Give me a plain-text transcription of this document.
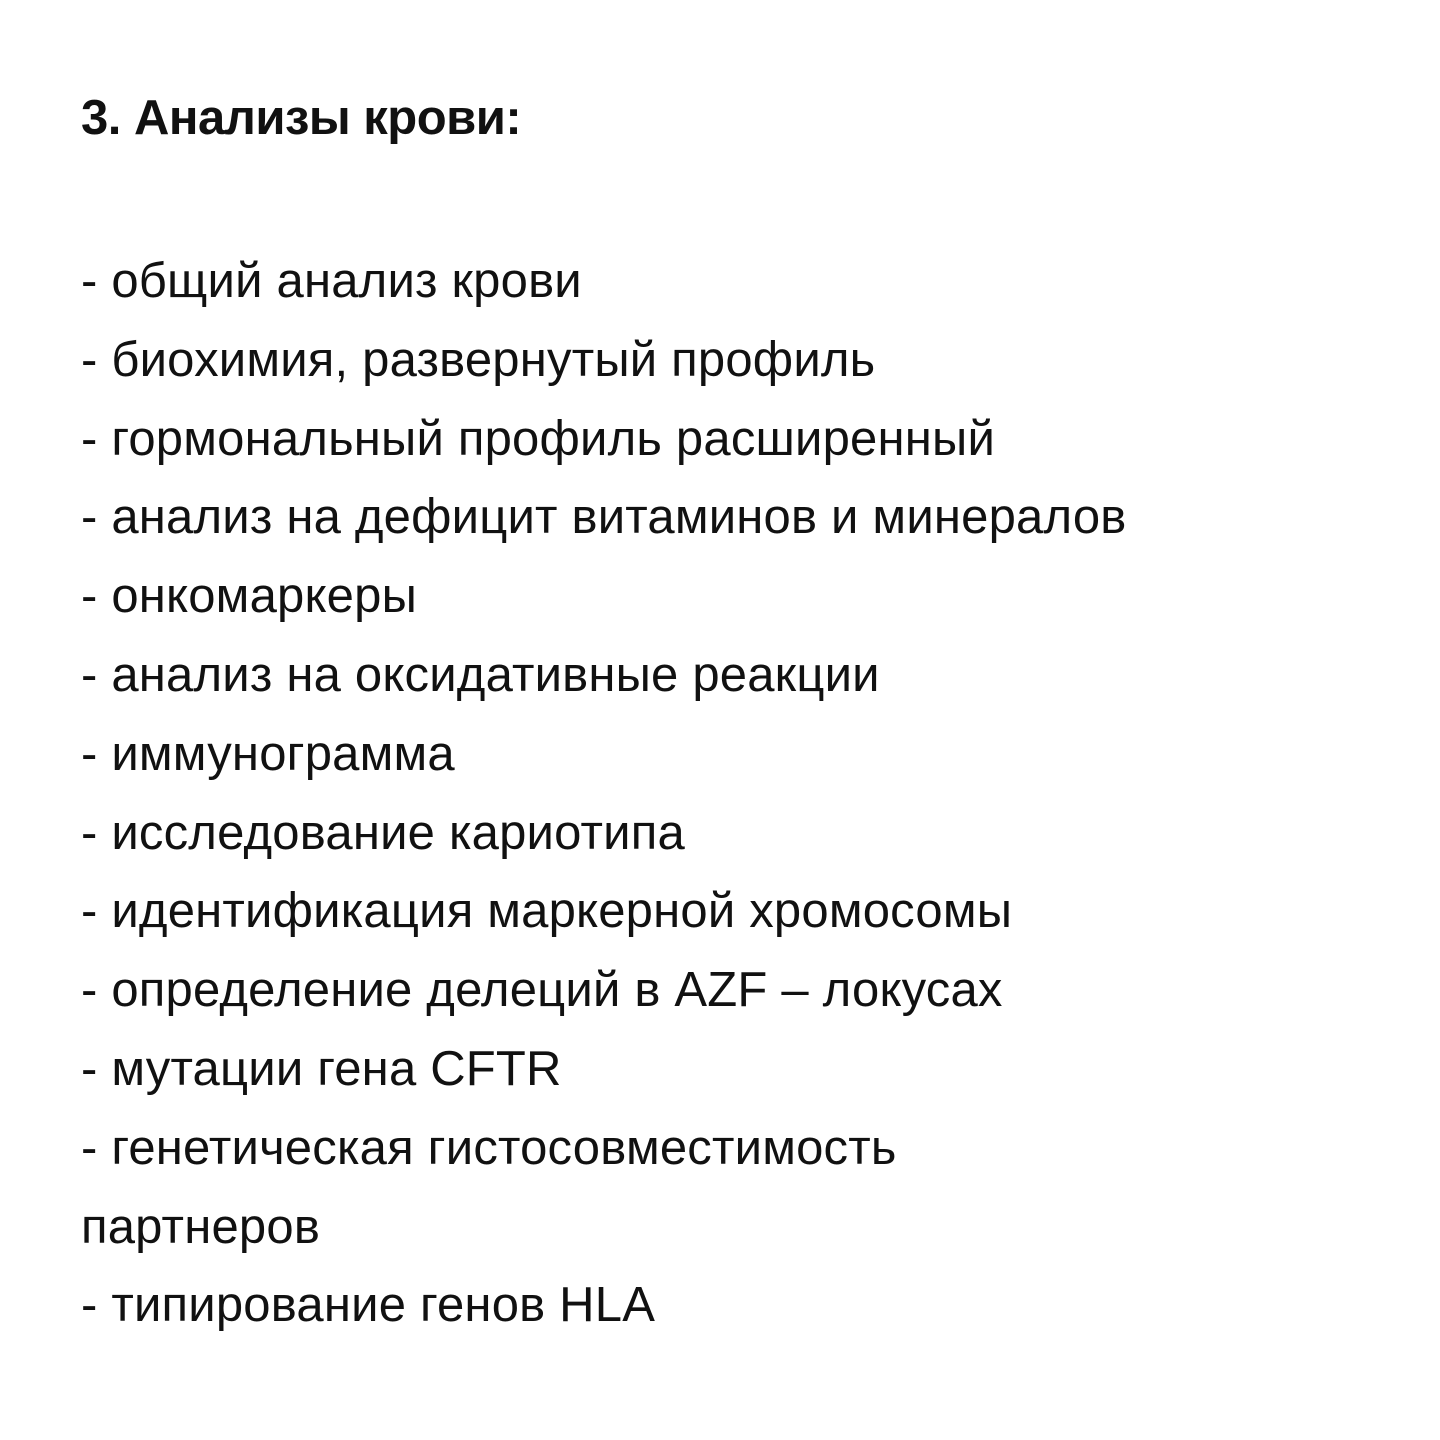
3. Анализы крови:
- общий анализ крови
- биохимия, развернутый профиль
- гормональный профиль расширенный
- анализ на дефицит витаминов и минералов
- онкомаркеры
- анализ на оксидативные реакции
- иммунограмма
- исследование кариотипа
- идентификация маркерной хромосомы
- определение делеций в AZF – локусах
- мутации гена CFTR
- генетическая гистосовместимость
партнеров
- типирование генов HLA
